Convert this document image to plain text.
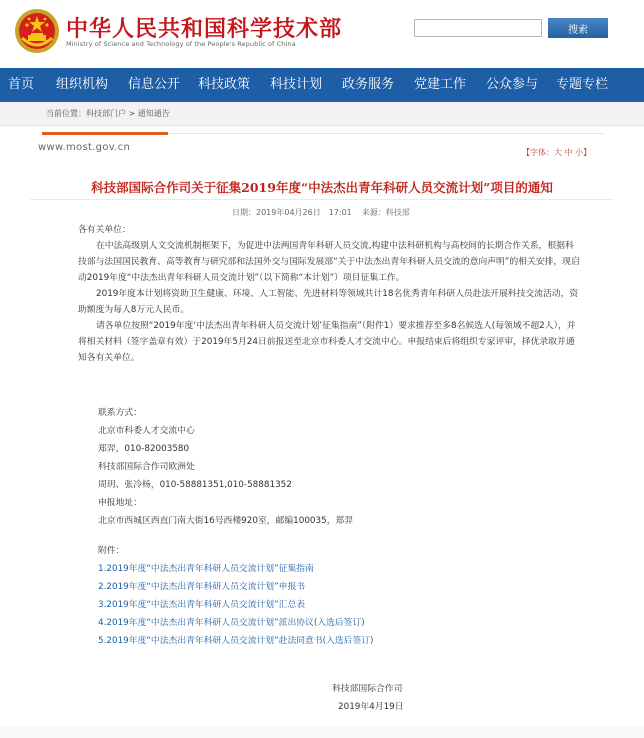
中华人民共和国科学技术部
Ministry of Science and Technology of the People's Republic of China
搜索
首页 组织机构 信息公开 科技政策 科技计划 政务服务 党建工作 公众参与 专题专栏
当前位置：科技部门户 > 通知通告
www.most.gov.cn	【字体：大 中 小】
科技部国际合作司关于征集2019年度“中法杰出青年科研人员交流计划”项目的通知
日期：2019年04月26日　17:01 来源：科技部
各有关单位：
在中法高级别人文交流机制框架下，为促进中法两国青年科研人员交流,构建中法科研机构与高校间的长期合作关系，根据科技部与法国国民教育、高等教育与研究部和法国外交与国际发展部“关于中法杰出青年科研人员交流的意向声明”的相关安排，现启动2019年度“中法杰出青年科研人员交流计划”（以下简称“本计划”）项目征集工作。
2019年度本计划将资助卫生健康、环境、人工智能、先进材料等领域共计18名优秀青年科研人员赴法开展科技交流活动，资助额度为每人8万元人民币。
请各单位按照“2019年度‘中法杰出青年科研人员交流计划’征集指南”（附件1）要求推荐至多8名候选人(每领域不超2人），并将相关材料（签字盖章有效）于2019年5月24日前报送至北京市科委人才交流中心。申报结束后将组织专家评审，择优录取并通知各有关单位。
联系方式：
北京市科委人才交流中心
郑羿，010-82003580
科技部国际合作司欧洲处
周玥、张冷杨，010-58881351,010-58881352
申报地址：
北京市西城区西直门南大街16号西楼920室，邮编100035，郑羿
附件：
1.2019年度“中法杰出青年科研人员交流计划”征集指南
2.2019年度“中法杰出青年科研人员交流计划”申报书
3.2019年度“中法杰出青年科研人员交流计划”汇总表
4.2019年度“中法杰出青年科研人员交流计划”派出协议(入选后签订)
5.2019年度“中法杰出青年科研人员交流计划”赴法同意书(入选后签订)
科技部国际合作司
2019年4月19日
